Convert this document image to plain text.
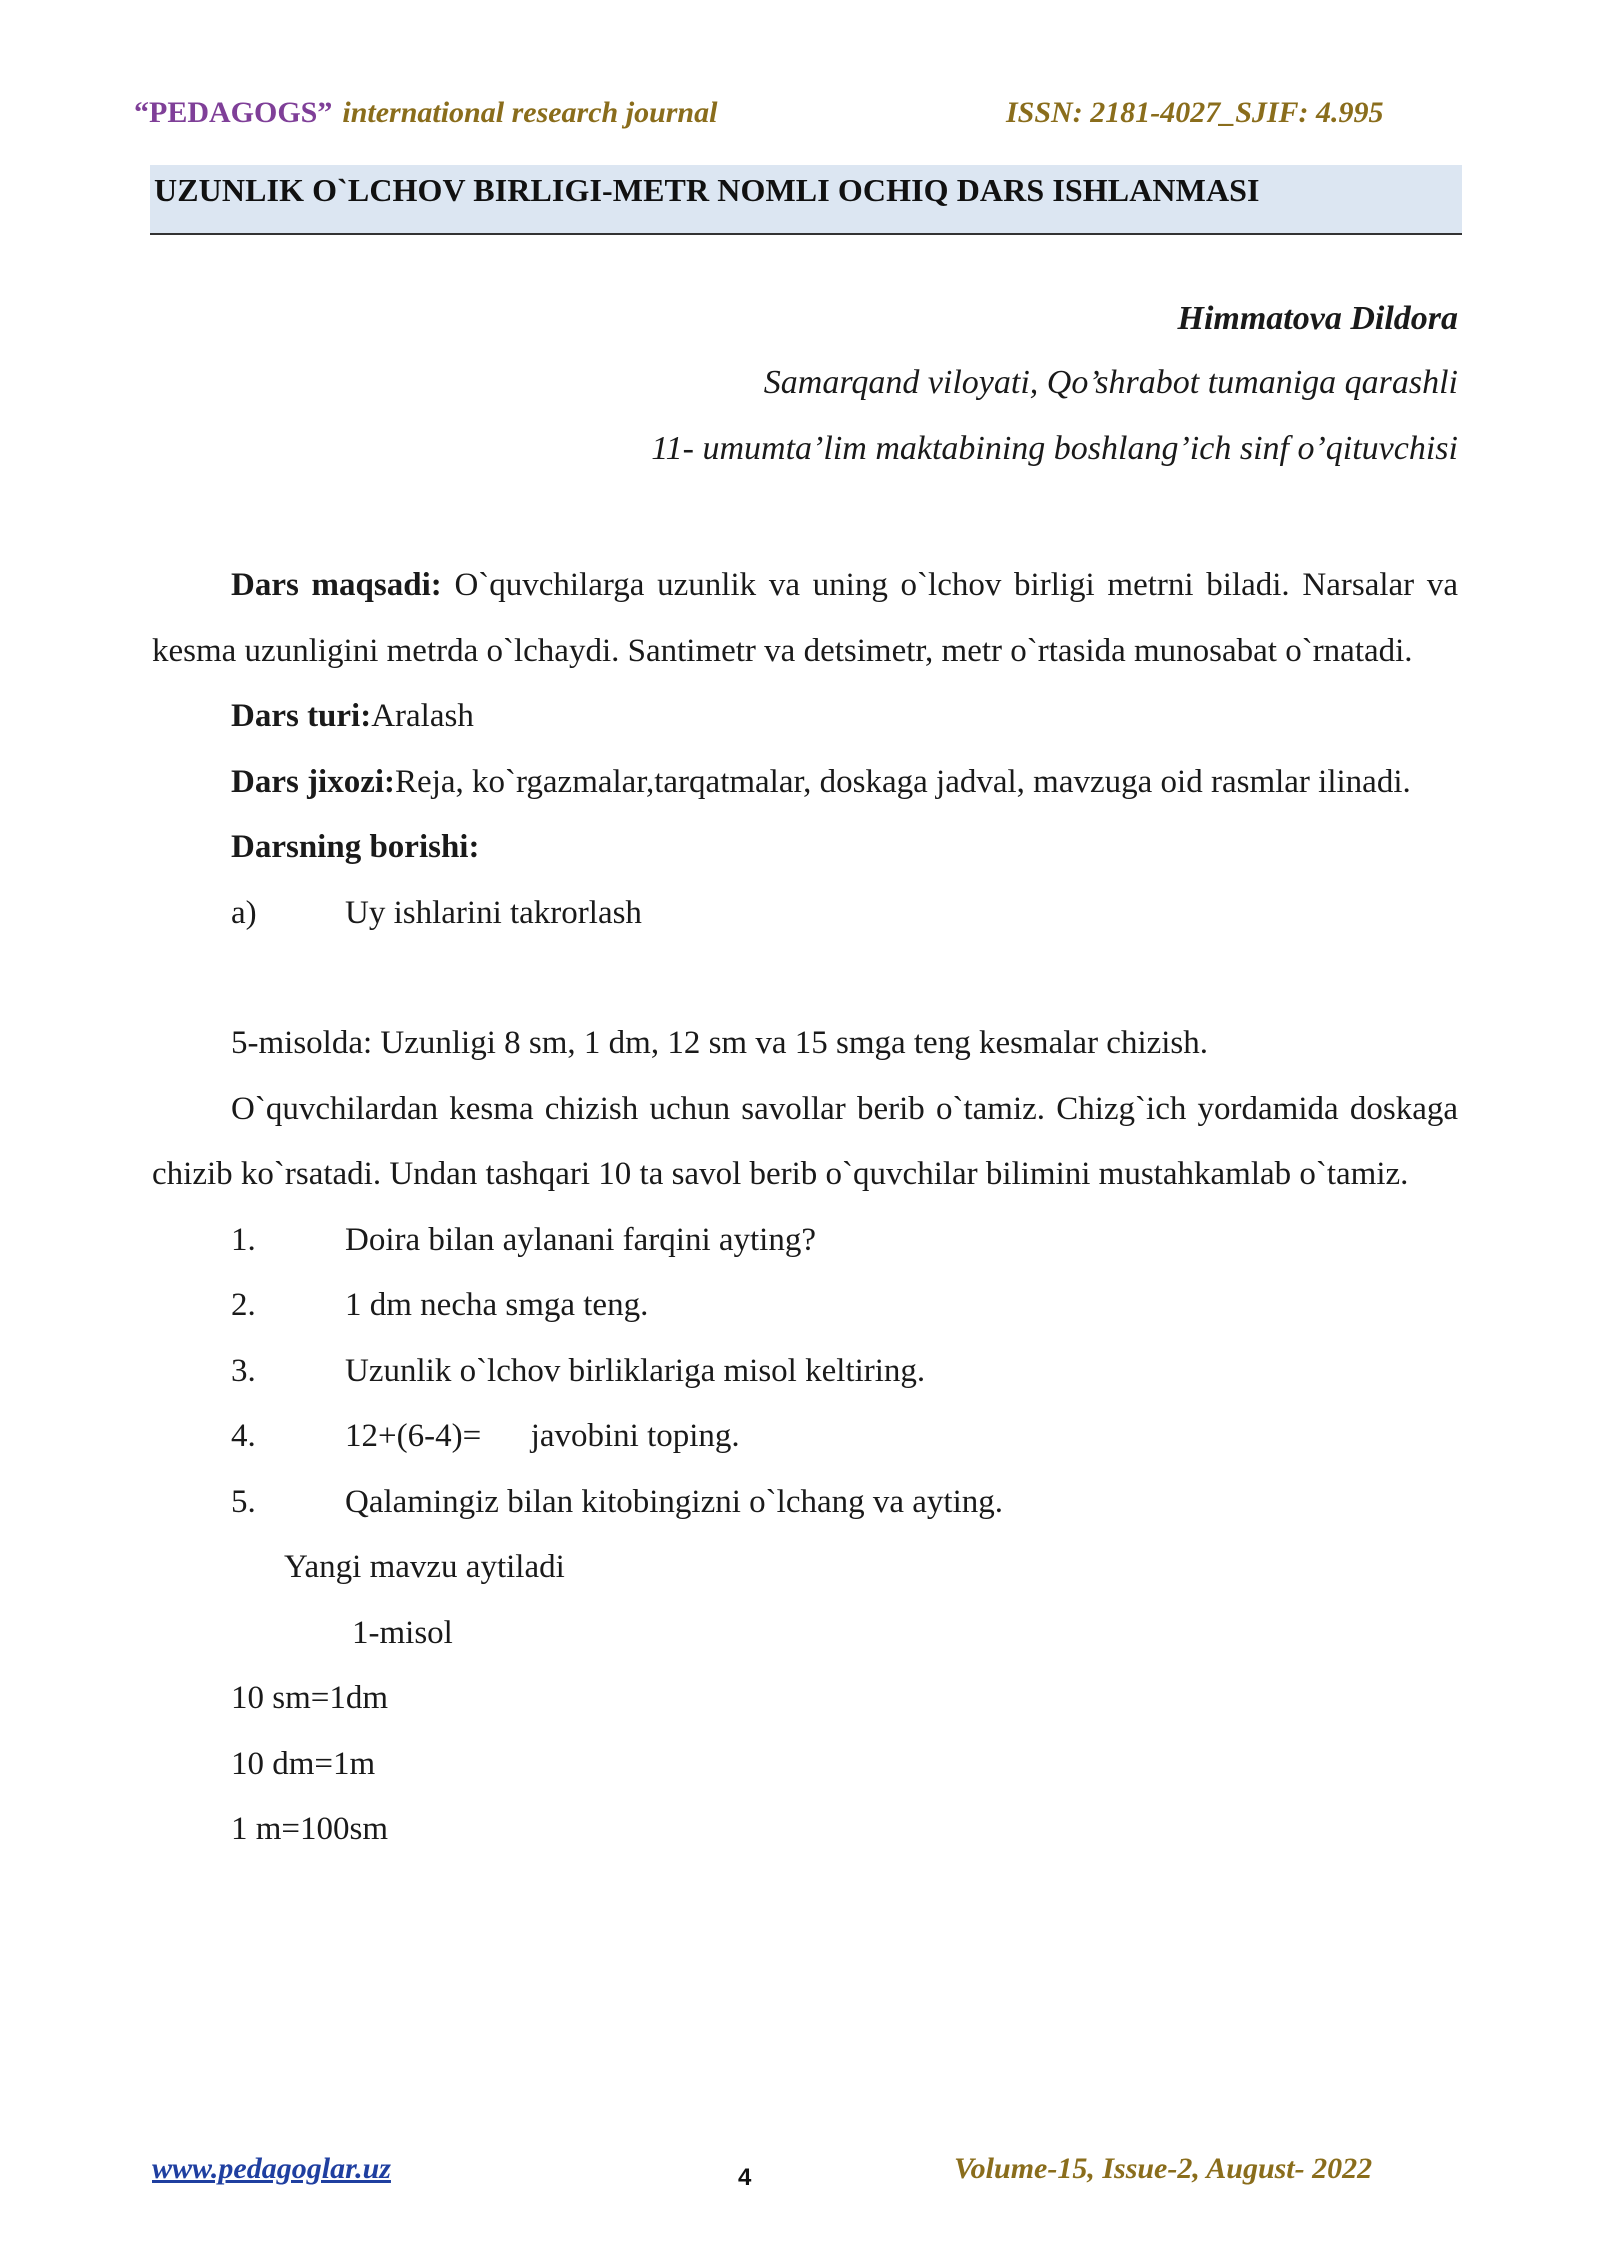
“PEDAGOGS” international research journal	ISSN: 2181-4027_SJIF: 4.995
UZUNLIK O`LCHOV BIRLIGI-METR NOMLI OCHIQ DARS ISHLANMASI
Himmatova Dildora
Samarqand viloyati, Qo’shrabot tumaniga qarashli
11- umumta’lim maktabining boshlang’ich sinf o’qituvchisi

Dars maqsadi: O`quvchilarga uzunlik va uning o`lchov birligi metrni biladi. Narsalar va kesma uzunligini metrda o`lchaydi. Santimetr va detsimetr, metr o`rtasida munosabat o`rnatadi.

Dars turi:Aralash

Dars jixozi:Reja, ko`rgazmalar,tarqatmalar, doskaga jadval, mavzuga oid rasmlar ilinadi.

Darsning borishi:

a)	Uy ishlarini takrorlash

5-misolda: Uzunligi 8 sm, 1 dm, 12 sm va 15 smga teng kesmalar chizish.

O`quvchilardan kesma chizish uchun savollar berib o`tamiz. Chizg`ich yordamida doskaga chizib ko`rsatadi. Undan tashqari 10 ta savol berib o`quvchilar bilimini mustahkamlab o`tamiz.

1.	Doira bilan aylanani farqini ayting?

2.	1 dm necha smga teng.

3.	Uzunlik o`lchov birliklariga misol keltiring.

4.	12+(6-4)=      javobini toping.

5.	Qalamingiz bilan kitobingizni o`lchang va ayting.

Yangi mavzu aytiladi

1-misol

10 sm=1dm

10 dm=1m

1 m=100sm

www.pedagoglar.uz	4	Volume-15, Issue-2, August- 2022
